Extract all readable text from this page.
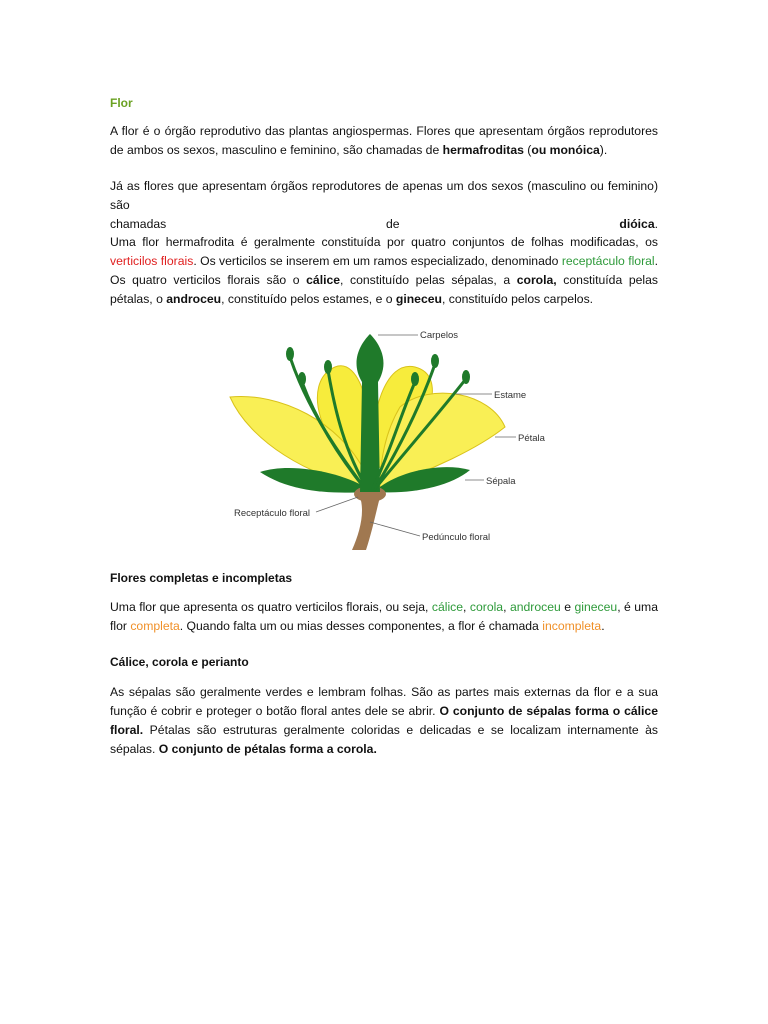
Flor

A flor é o órgão reprodutivo das plantas angiospermas. Flores que apresentam órgãos reprodutores de ambos os sexos, masculino e feminino, são chamadas de hermafroditas (ou monóica).

Já as flores que apresentam órgãos reprodutores de apenas um dos sexos (masculino ou feminino) são
chamadas	de	dióica.

Uma flor hermafrodita é geralmente constituída por quatro conjuntos de folhas modificadas, os verticilos florais. Os verticilos se inserem em um ramos especializado, denominado receptáculo floral. Os quatro verticilos florais são o cálice, constituído pelas sépalas, a corola, constituída pelas pétalas, o androceu, constituído pelos estames, e o gineceu, constituído pelos carpelos.

Flores completas e incompletas

Uma flor que apresenta os quatro verticilos florais, ou seja, cálice, corola, androceu e gineceu, é uma flor completa. Quando falta um ou mias desses componentes, a flor é chamada incompleta.

Cálice, corola e perianto

As sépalas são geralmente verdes e lembram folhas. São as partes mais externas da flor e a sua função é cobrir e proteger o botão floral antes dele se abrir. O conjunto de sépalas forma o cálice floral. Pétalas são estruturas geralmente coloridas e delicadas e se localizam internamente às sépalas. O conjunto de pétalas forma a corola.

Carpelos
Estame
Pétala
Sépala
Receptáculo floral
Pedúnculo floral
